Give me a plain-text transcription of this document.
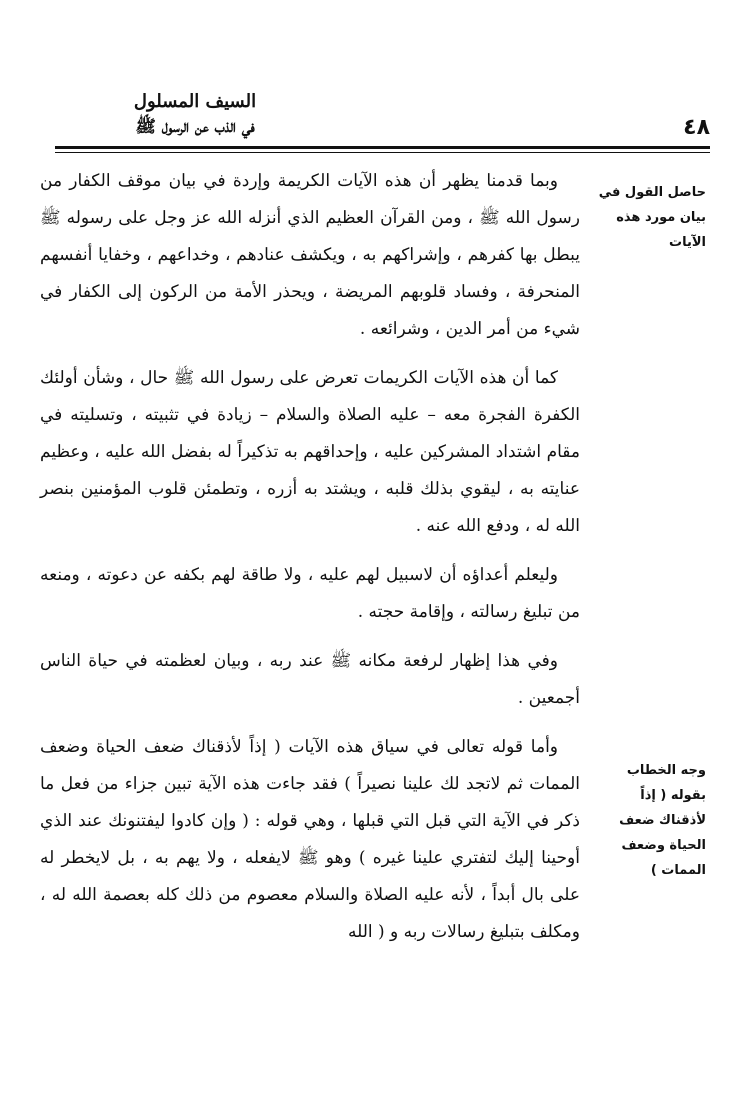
٤٨
السيف المسلول
في الذب عن الرسول ﷺ
حاصل القول في بيان مورد هذه الآيات
وجه الخطاب بقوله ( إذاً لأذقناك ضعف الحياة وضعف الممات )

وبما قدمنا يظهر أن هذه الآيات الكريمة وإردة في بيان موقف الكفار من رسول الله ﷺ ، ومن القرآن العظيم الذي أنزله الله عز وجل على رسوله ﷺ يبطل بها كفرهم ، وإشراكهم به ، ويكشف عنادهم ، وخداعهم ، وخفايا أنفسهم المنحرفة ، وفساد قلوبهم المريضة ، ويحذر الأمة من الركون إلى الكفار في شيء من أمر الدين ، وشرائعه .

كما أن هذه الآيات الكريمات تعرض على رسول الله ﷺ حال ، وشأن أولئك الكفرة الفجرة معه – عليه الصلاة والسلام – زيادة في تثبيته ، وتسليته في مقام اشتداد المشركين عليه ، وإحداقهم به تذكيراً له بفضل الله عليه ، وعظيم عنايته به ، ليقوي بذلك قلبه ، ويشتد به أزره ، وتطمئن قلوب المؤمنين بنصر الله له ، ودفع الله عنه .

وليعلم أعداؤه أن لاسبيل لهم عليه ، ولا طاقة لهم بكفه عن دعوته ، ومنعه من تبليغ رسالته ، وإقامة حجته .

وفي هذا إظهار لرفعة مكانه ﷺ عند ربه ، وبيان لعظمته في حياة الناس أجمعين .

وأما قوله تعالى في سياق هذه الآيات ( إذاً لأذقناك ضعف الحياة وضعف الممات ثم لاتجد لك علينا نصيراً ) فقد جاءت هذه الآية تبين جزاء من فعل ما ذكر في الآية التي قبل التي قبلها ، وهي قوله : ( وإن كادوا ليفتنونك عند الذي أوحينا إليك لتفتري علينا غيره ) وهو ﷺ لايفعله ، ولا يهم به ، بل لايخطر له على بال أبداً ، لأنه عليه الصلاة والسلام معصوم من ذلك كله بعصمة الله له ، ومكلف بتبليغ رسالات ربه و ( الله
